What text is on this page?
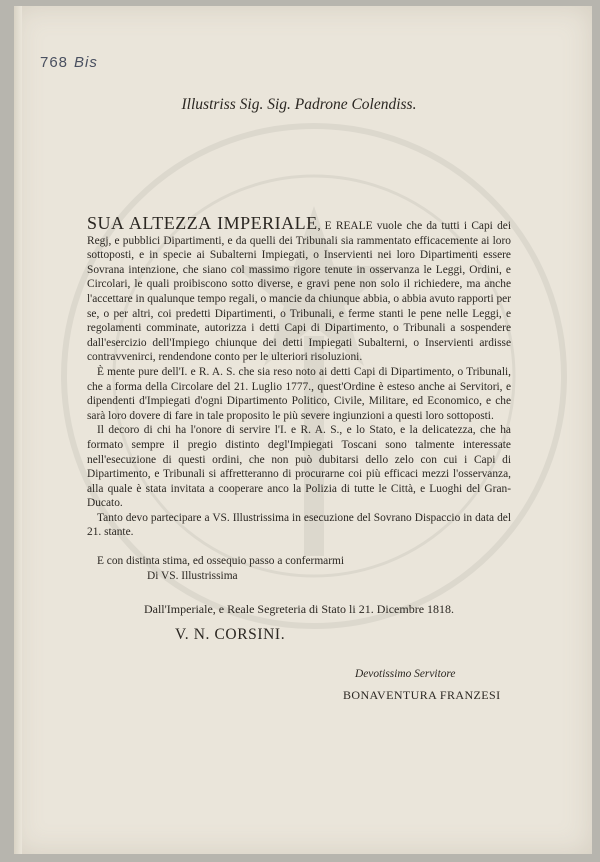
768 Bis
Illustriss Sig. Sig. Padrone Colendiss.

SUA ALTEZZA IMPERIALE, E REALE vuole che da tutti i Capi dei Regj, e pubblici Dipartimenti, e da quelli dei Tribunali sia rammentato efficacemente ai loro sottoposti, e in specie ai Subalterni Impiegati, o Inservienti nei loro Dipartimenti essere Sovrana intenzione, che siano col massimo rigore tenute in osservanza le Leggi, Ordini, e Circolari, le quali proibiscono sotto diverse, e gravi pene non solo il richiedere, ma anche l'accettare in qualunque tempo regali, o mancie da chiunque abbia, o abbia avuto rapporti per se, o per altri, coi predetti Dipartimenti, o Tribunali, e ferme stanti le pene nelle Leggi, e regolamenti comminate, autorizza i detti Capi di Dipartimento, o Tribunali a sospendere dall'esercizio dell'Impiego chiunque dei detti Impiegati Subalterni, o Inservienti ardisse contravvenirci, rendendone conto per le ulteriori risoluzioni.

È mente pure dell'I. e R. A. S. che sia reso noto ai detti Capi di Dipartimento, o Tribunali, che a forma della Circolare del 21. Luglio 1777., quest'Ordine è esteso anche ai Servitori, e dipendenti d'Impiegati d'ogni Dipartimento Politico, Civile, Militare, ed Economico, e che sarà loro dovere di fare in tale proposito le più severe ingiunzioni a questi loro sottoposti.

Il decoro di chi ha l'onore di servire l'I. e R. A. S., e lo Stato, e la delicatezza, che ha formato sempre il pregio distinto degl'Impiegati Toscani sono talmente interessate nell'esecuzione di questi ordini, che non può dubitarsi dello zelo con cui i Capi di Dipartimento, e Tribunali si affretteranno di procurarne coi più efficaci mezzi l'osservanza, alla quale è stata invitata a cooperare anco la Polizia di tutte le Città, e Luoghi del Gran-Ducato.

Tanto devo parteciparе a VS. Illustrissima in esecuzione del Sovrano Dispaccio in data del 21. stante.

E con distinta stima, ed ossequio passo a confermarmi
Di VS. Illustrissima
Dall'Imperiale, e Reale Segreteria di Stato li 21. Dicembre 1818.
V. N. CORSINI.
Devotissimo Servitore
BONAVENTURA FRANZESI
